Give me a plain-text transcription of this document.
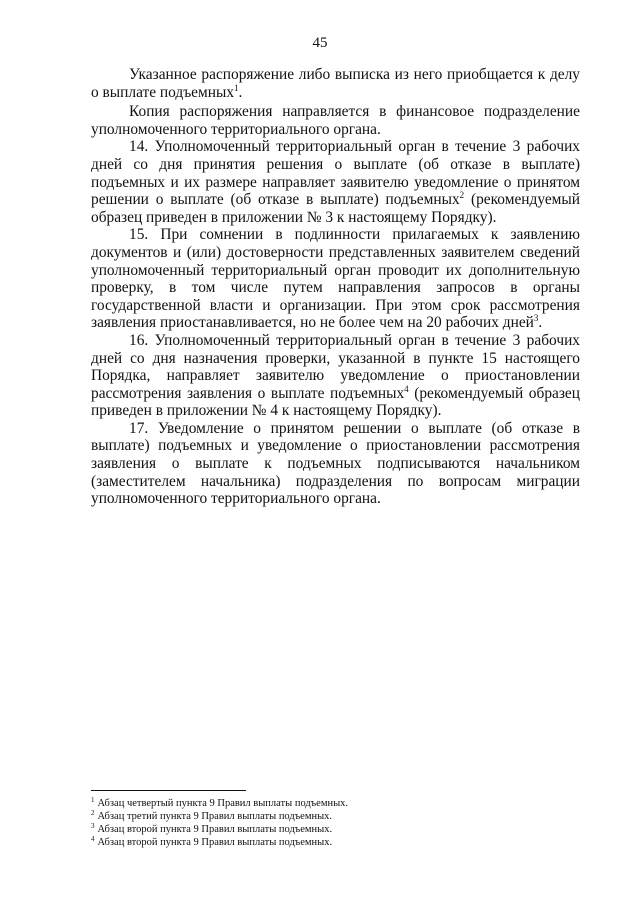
45

Указанное распоряжение либо выписка из него приобщается к делу о выплате подъемных$^1$.

Копия распоряжения направляется в финансовое подразделение уполномоченного территориального органа.

14. Уполномоченный территориальный орган в течение 3 рабочих дней со дня принятия решения о выплате (об отказе в выплате) подъемных и их размере направляет заявителю уведомление о принятом решении о выплате (об отказе в выплате) подъемных$^2$ (рекомендуемый образец приведен в приложении № 3 к настоящему Порядку).

15. При сомнении в подлинности прилагаемых к заявлению документов и (или) достоверности представленных заявителем сведений уполномоченный территориальный орган проводит их дополнительную проверку, в том числе путем направления запросов в органы государственной власти и организации. При этом срок рассмотрения заявления приостанавливается, но не более чем на 20 рабочих дней$^3$.

16. Уполномоченный территориальный орган в течение 3 рабочих дней со дня назначения проверки, указанной в пункте 15 настоящего Порядка, направляет заявителю уведомление о приостановлении рассмотрения заявления о выплате подъемных$^4$ (рекомендуемый образец приведен в приложении № 4 к настоящему Порядку).

17. Уведомление о принятом решении о выплате (об отказе в выплате) подъемных и уведомление о приостановлении рассмотрения заявления о выплате к подъемных подписываются начальником (заместителем начальника) подразделения по вопросам миграции уполномоченного территориального органа.

$^1$ Абзац четвертый пункта 9 Правил выплаты подъемных.

$^2$ Абзац третий пункта 9 Правил выплаты подъемных.

$^3$ Абзац второй пункта 9 Правил выплаты подъемных.

$^4$ Абзац второй пункта 9 Правил выплаты подъемных.
